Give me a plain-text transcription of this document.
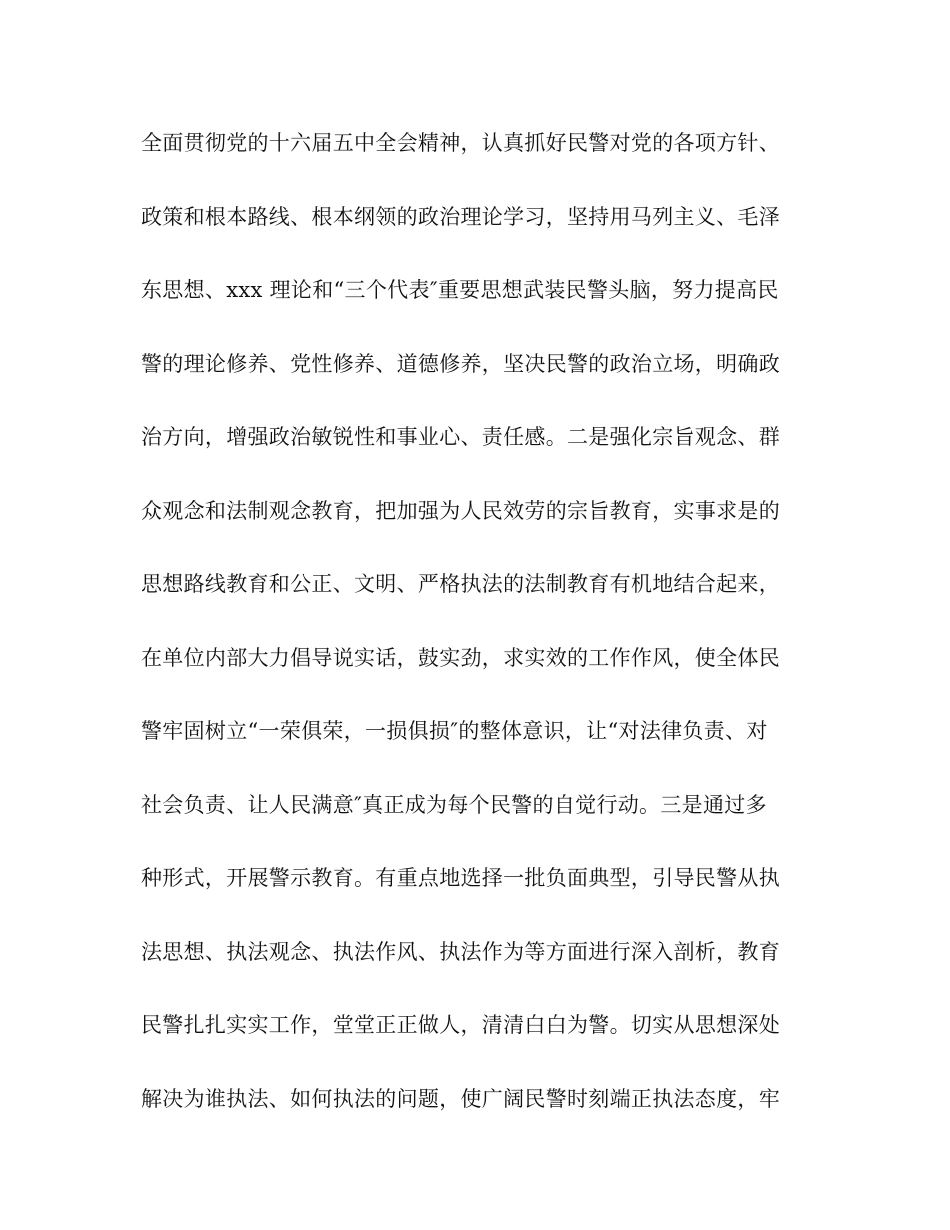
全面贯彻党的十六届五中全会精神，认真抓好民警对党的各项方针、
政策和根本路线、根本纲领的政治理论学习，坚持用马列主义、毛泽
东思想、xxx 理论和“三个代表″重要思想武装民警头脑，努力提高民
警的理论修养、党性修养、道德修养，坚决民警的政治立场，明确政
治方向，增强政治敏锐性和事业心、责任感。二是强化宗旨观念、群
众观念和法制观念教育，把加强为人民效劳的宗旨教育，实事求是的
思想路线教育和公正、文明、严格执法的法制教育有机地结合起来，
在单位内部大力倡导说实话，鼓实劲，求实效的工作作风，使全体民
警牢固树立“一荣俱荣，一损俱损″的整体意识，让“对法律负责、对
社会负责、让人民满意″真正成为每个民警的自觉行动。三是通过多
种形式，开展警示教育。有重点地选择一批负面典型，引导民警从执
法思想、执法观念、执法作风、执法作为等方面进行深入剖析，教育
民警扎扎实实工作，堂堂正正做人，清清白白为警。切实从思想深处
解决为谁执法、如何执法的问题，使广阔民警时刻端正执法态度，牢
